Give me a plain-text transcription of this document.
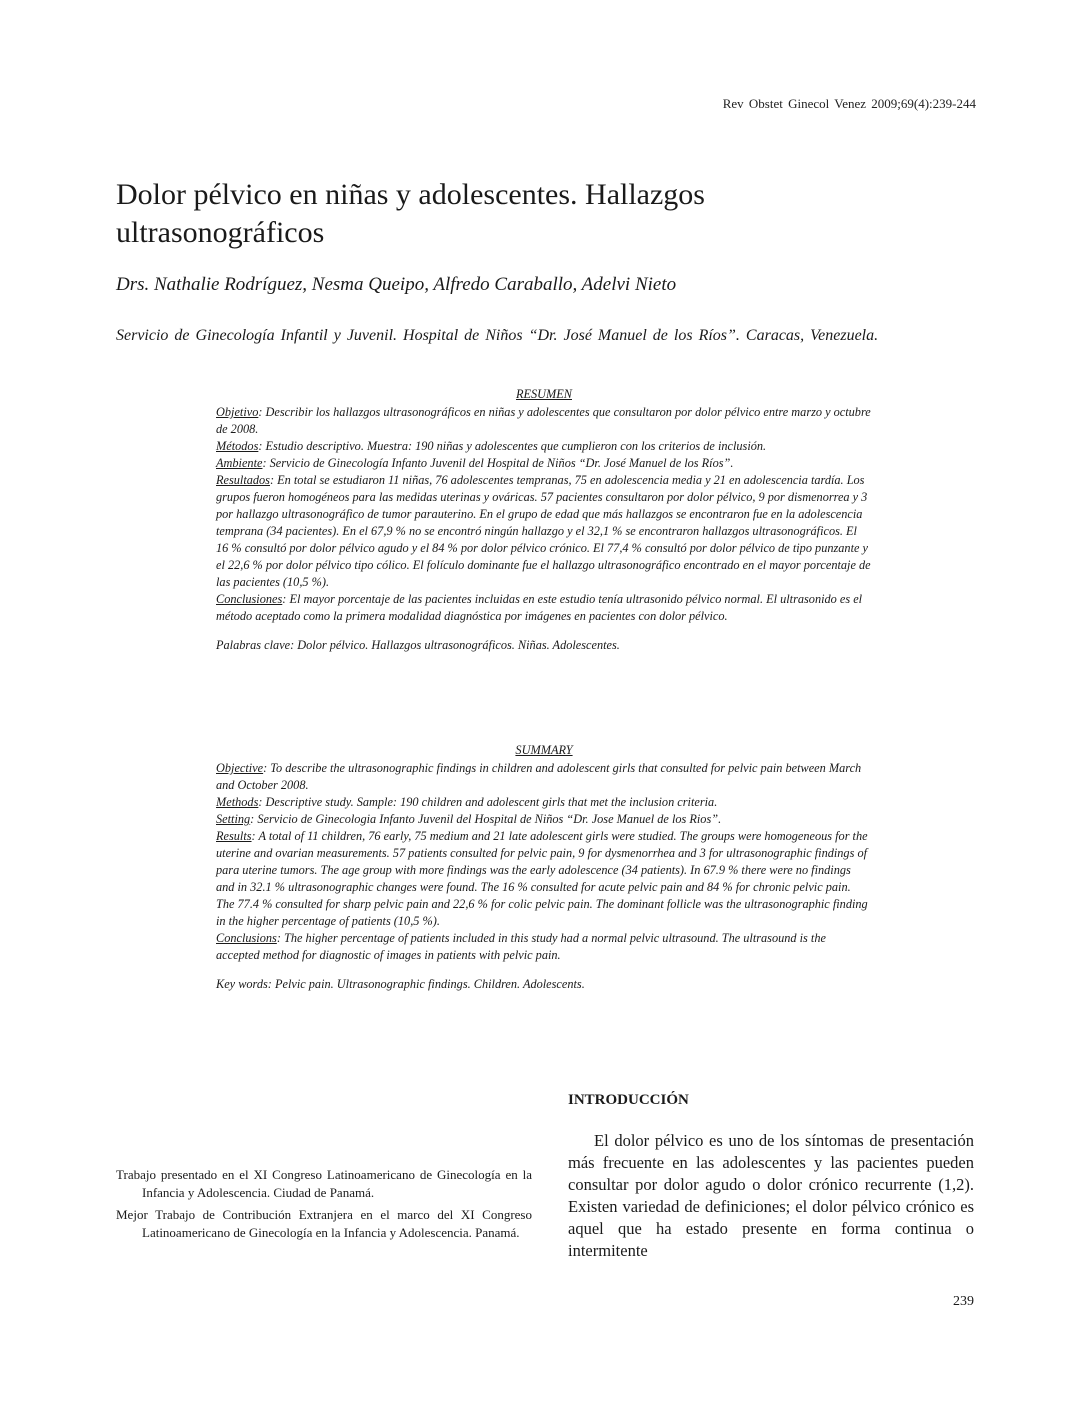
Rev Obstet Ginecol Venez 2009;69(4):239-244
Dolor pélvico en niñas y adolescentes. Hallazgos ultrasonográficos
Drs. Nathalie Rodríguez, Nesma Queipo, Alfredo Caraballo, Adelvi Nieto
Servicio de Ginecología Infantil y Juvenil. Hospital de Niños “Dr. José Manuel de los Ríos”. Caracas, Venezuela.
RESUMEN

Objetivo: Describir los hallazgos ultrasonográficos en niñas y adolescentes que consultaron por dolor pélvico entre marzo y octubre de 2008.

Métodos: Estudio descriptivo. Muestra: 190 niñas y adolescentes que cumplieron con los criterios de inclusión.

Ambiente: Servicio de Ginecología Infanto Juvenil del Hospital de Niños “Dr. José Manuel de los Ríos”.

Resultados: En total se estudiaron 11 niñas, 76 adolescentes tempranas, 75 en adolescencia media y 21 en adolescencia tardía. Los grupos fueron homogéneos para las medidas uterinas y ováricas. 57 pacientes consultaron por dolor pélvico, 9 por dismenorrea y 3 por hallazgo ultrasonográfico de tumor parauterino. En el grupo de edad que más hallazgos se encontraron fue en la adolescencia temprana (34 pacientes). En el 67,9 % no se encontró ningún hallazgo y el 32,1 % se encontraron hallazgos ultrasonográficos. El 16 % consultó por dolor pélvico agudo y el 84 % por dolor pélvico crónico. El 77,4 % consultó por dolor pélvico de tipo punzante y el 22,6 % por dolor pélvico tipo cólico. El folículo dominante fue el hallazgo ultrasonográfico encontrado en el mayor porcentaje de las pacientes (10,5 %).

Conclusiones: El mayor porcentaje de las pacientes incluidas en este estudio tenía ultrasonido pélvico normal. El ultrasonido es el método aceptado como la primera modalidad diagnóstica por imágenes en pacientes con dolor pélvico.

Palabras clave: Dolor pélvico. Hallazgos ultrasonográficos. Niñas. Adolescentes.

SUMMARY

Objective: To describe the ultrasonographic findings in children and adolescent girls that consulted for pelvic pain between March and October 2008.

Methods: Descriptive study. Sample: 190 children and adolescent girls that met the inclusion criteria.

Setting: Servicio de Ginecologia Infanto Juvenil del Hospital de Niños “Dr. Jose Manuel de los Rios”.

Results: A total of 11 children, 76 early, 75 medium and 21 late adolescent girls were studied. The groups were homogeneous for the uterine and ovarian measurements. 57 patients consulted for pelvic pain, 9 for dysmenorrhea and 3 for ultrasonographic findings of para uterine tumors. The age group with more findings was the early adolescence (34 patients). In 67.9 % there were no findings and in 32.1 % ultrasonographic changes were found. The 16 % consulted for acute pelvic pain and 84 % for chronic pelvic pain. The 77.4 % consulted for sharp pelvic pain and 22,6 % for colic pelvic pain. The dominant follicle was the ultrasonographic finding in the higher percentage of patients (10,5 %).

Conclusions: The higher percentage of patients included in this study had a normal pelvic ultrasound. The ultrasound is the accepted method for diagnostic of images in patients with pelvic pain.

Key words: Pelvic pain. Ultrasonographic findings. Children. Adolescents.

INTRODUCCIÓN

El dolor pélvico es uno de los síntomas de presentación más frecuente en las adolescentes y las pacientes pueden consultar por dolor agudo o dolor crónico recurrente (1,2). Existen variedad de definiciones; el dolor pélvico crónico es aquel que ha estado presente en forma continua o intermitente

Trabajo presentado en el XI Congreso Latinoamericano de Ginecología en la Infancia y Adolescencia. Ciudad de Panamá.

Mejor Trabajo de Contribución Extranjera en el marco del XI Congreso Latinoamericano de Ginecología en la Infancia y Adolescencia. Panamá.

239
